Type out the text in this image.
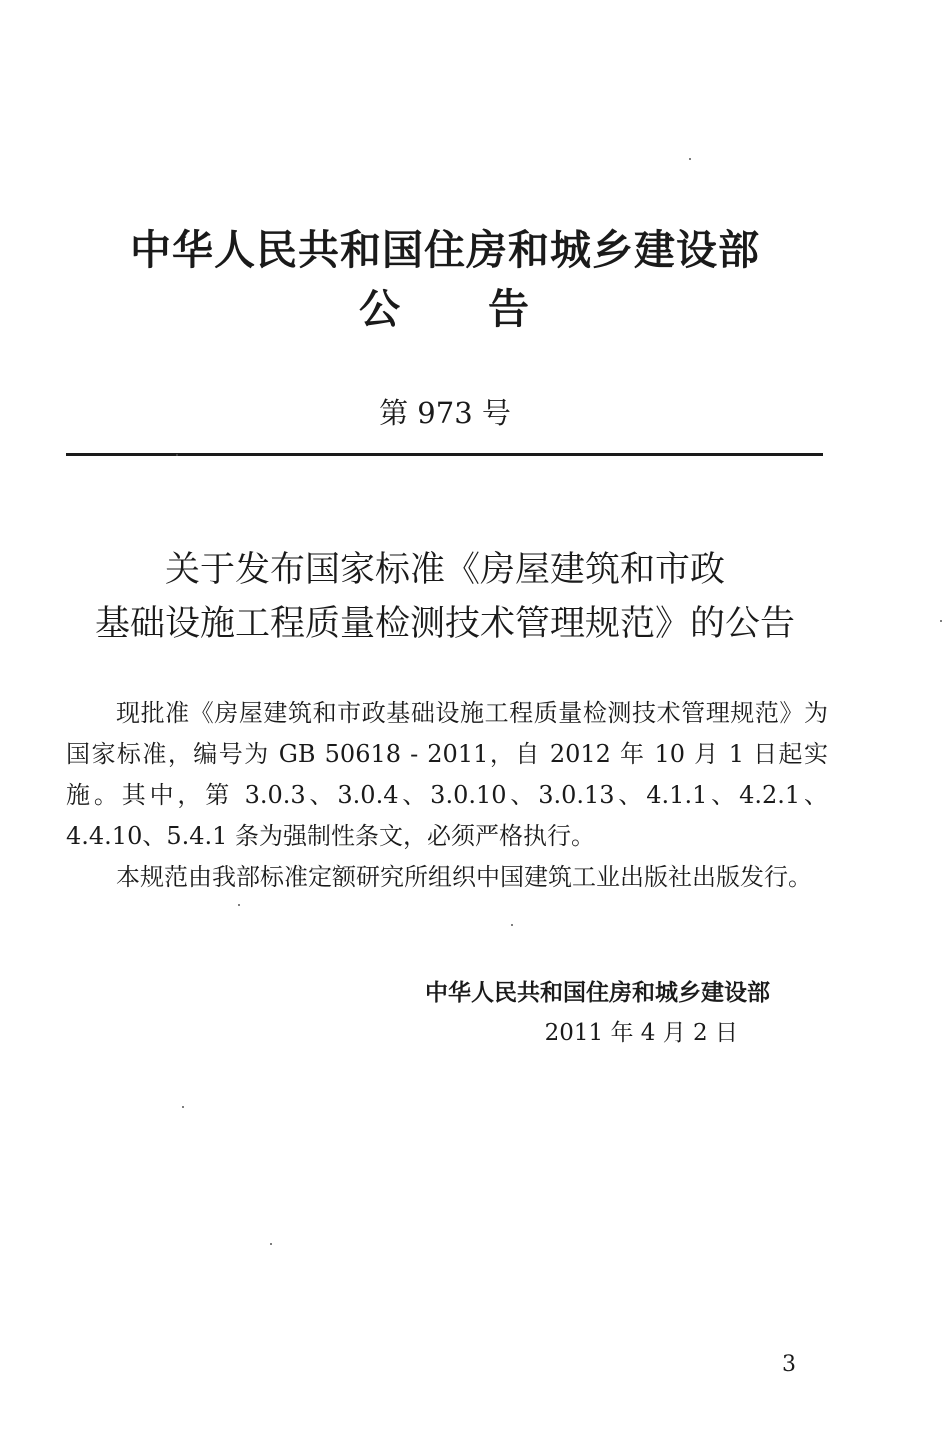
中华人民共和国住房和城乡建设部
公　　告
第 973 号
关于发布国家标准《房屋建筑和市政
基础设施工程质量检测技术管理规范》的公告

现批准《房屋建筑和市政基础设施工程质量检测技术管理规范》为国家标准，编号为 GB 50618 - 2011，自 2012 年 10 月 1 日起实施。其中，第 3.0.3、3.0.4、3.0.10、3.0.13、4.1.1、4.2.1、4.4.10、5.4.1 条为强制性条文，必须严格执行。

本规范由我部标准定额研究所组织中国建筑工业出版社出版发行。

中华人民共和国住房和城乡建设部
2011 年 4 月 2 日
3
